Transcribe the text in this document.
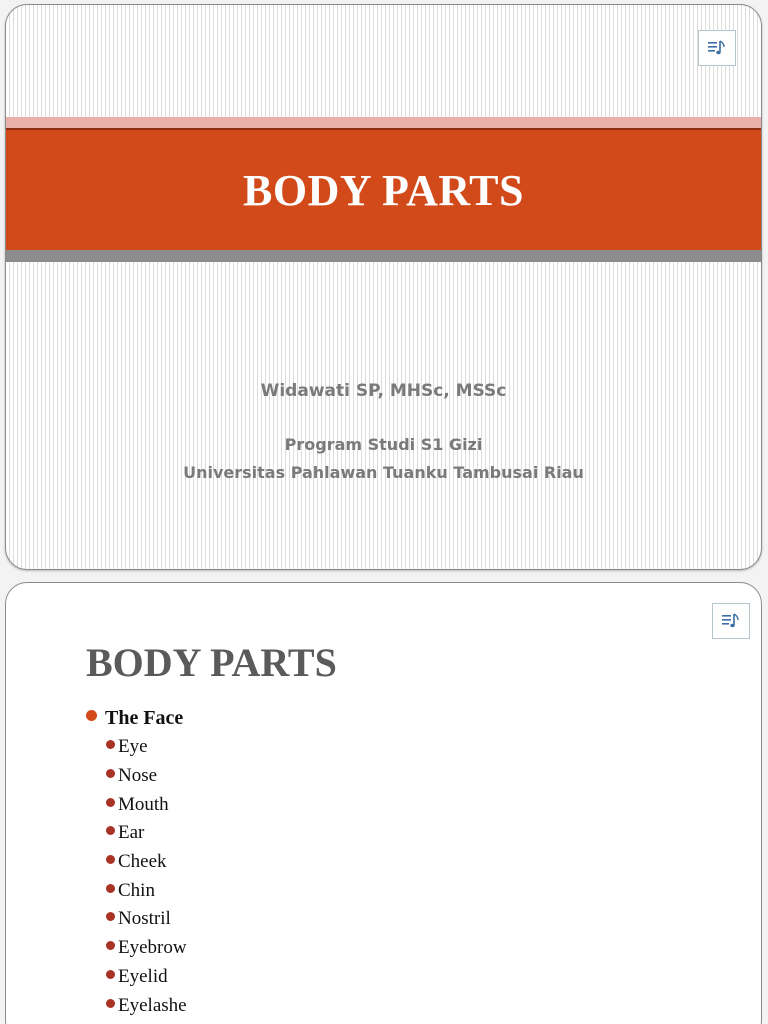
BODY PARTS

Widawati SP, MHSc, MSSc

Program Studi S1 Gizi

Universitas Pahlawan Tuanku Tambusai Riau

BODY PARTS
The Face
Eye
Nose
Mouth
Ear
Cheek
Chin
Nostril
Eyebrow
Eyelid
Eyelashe
